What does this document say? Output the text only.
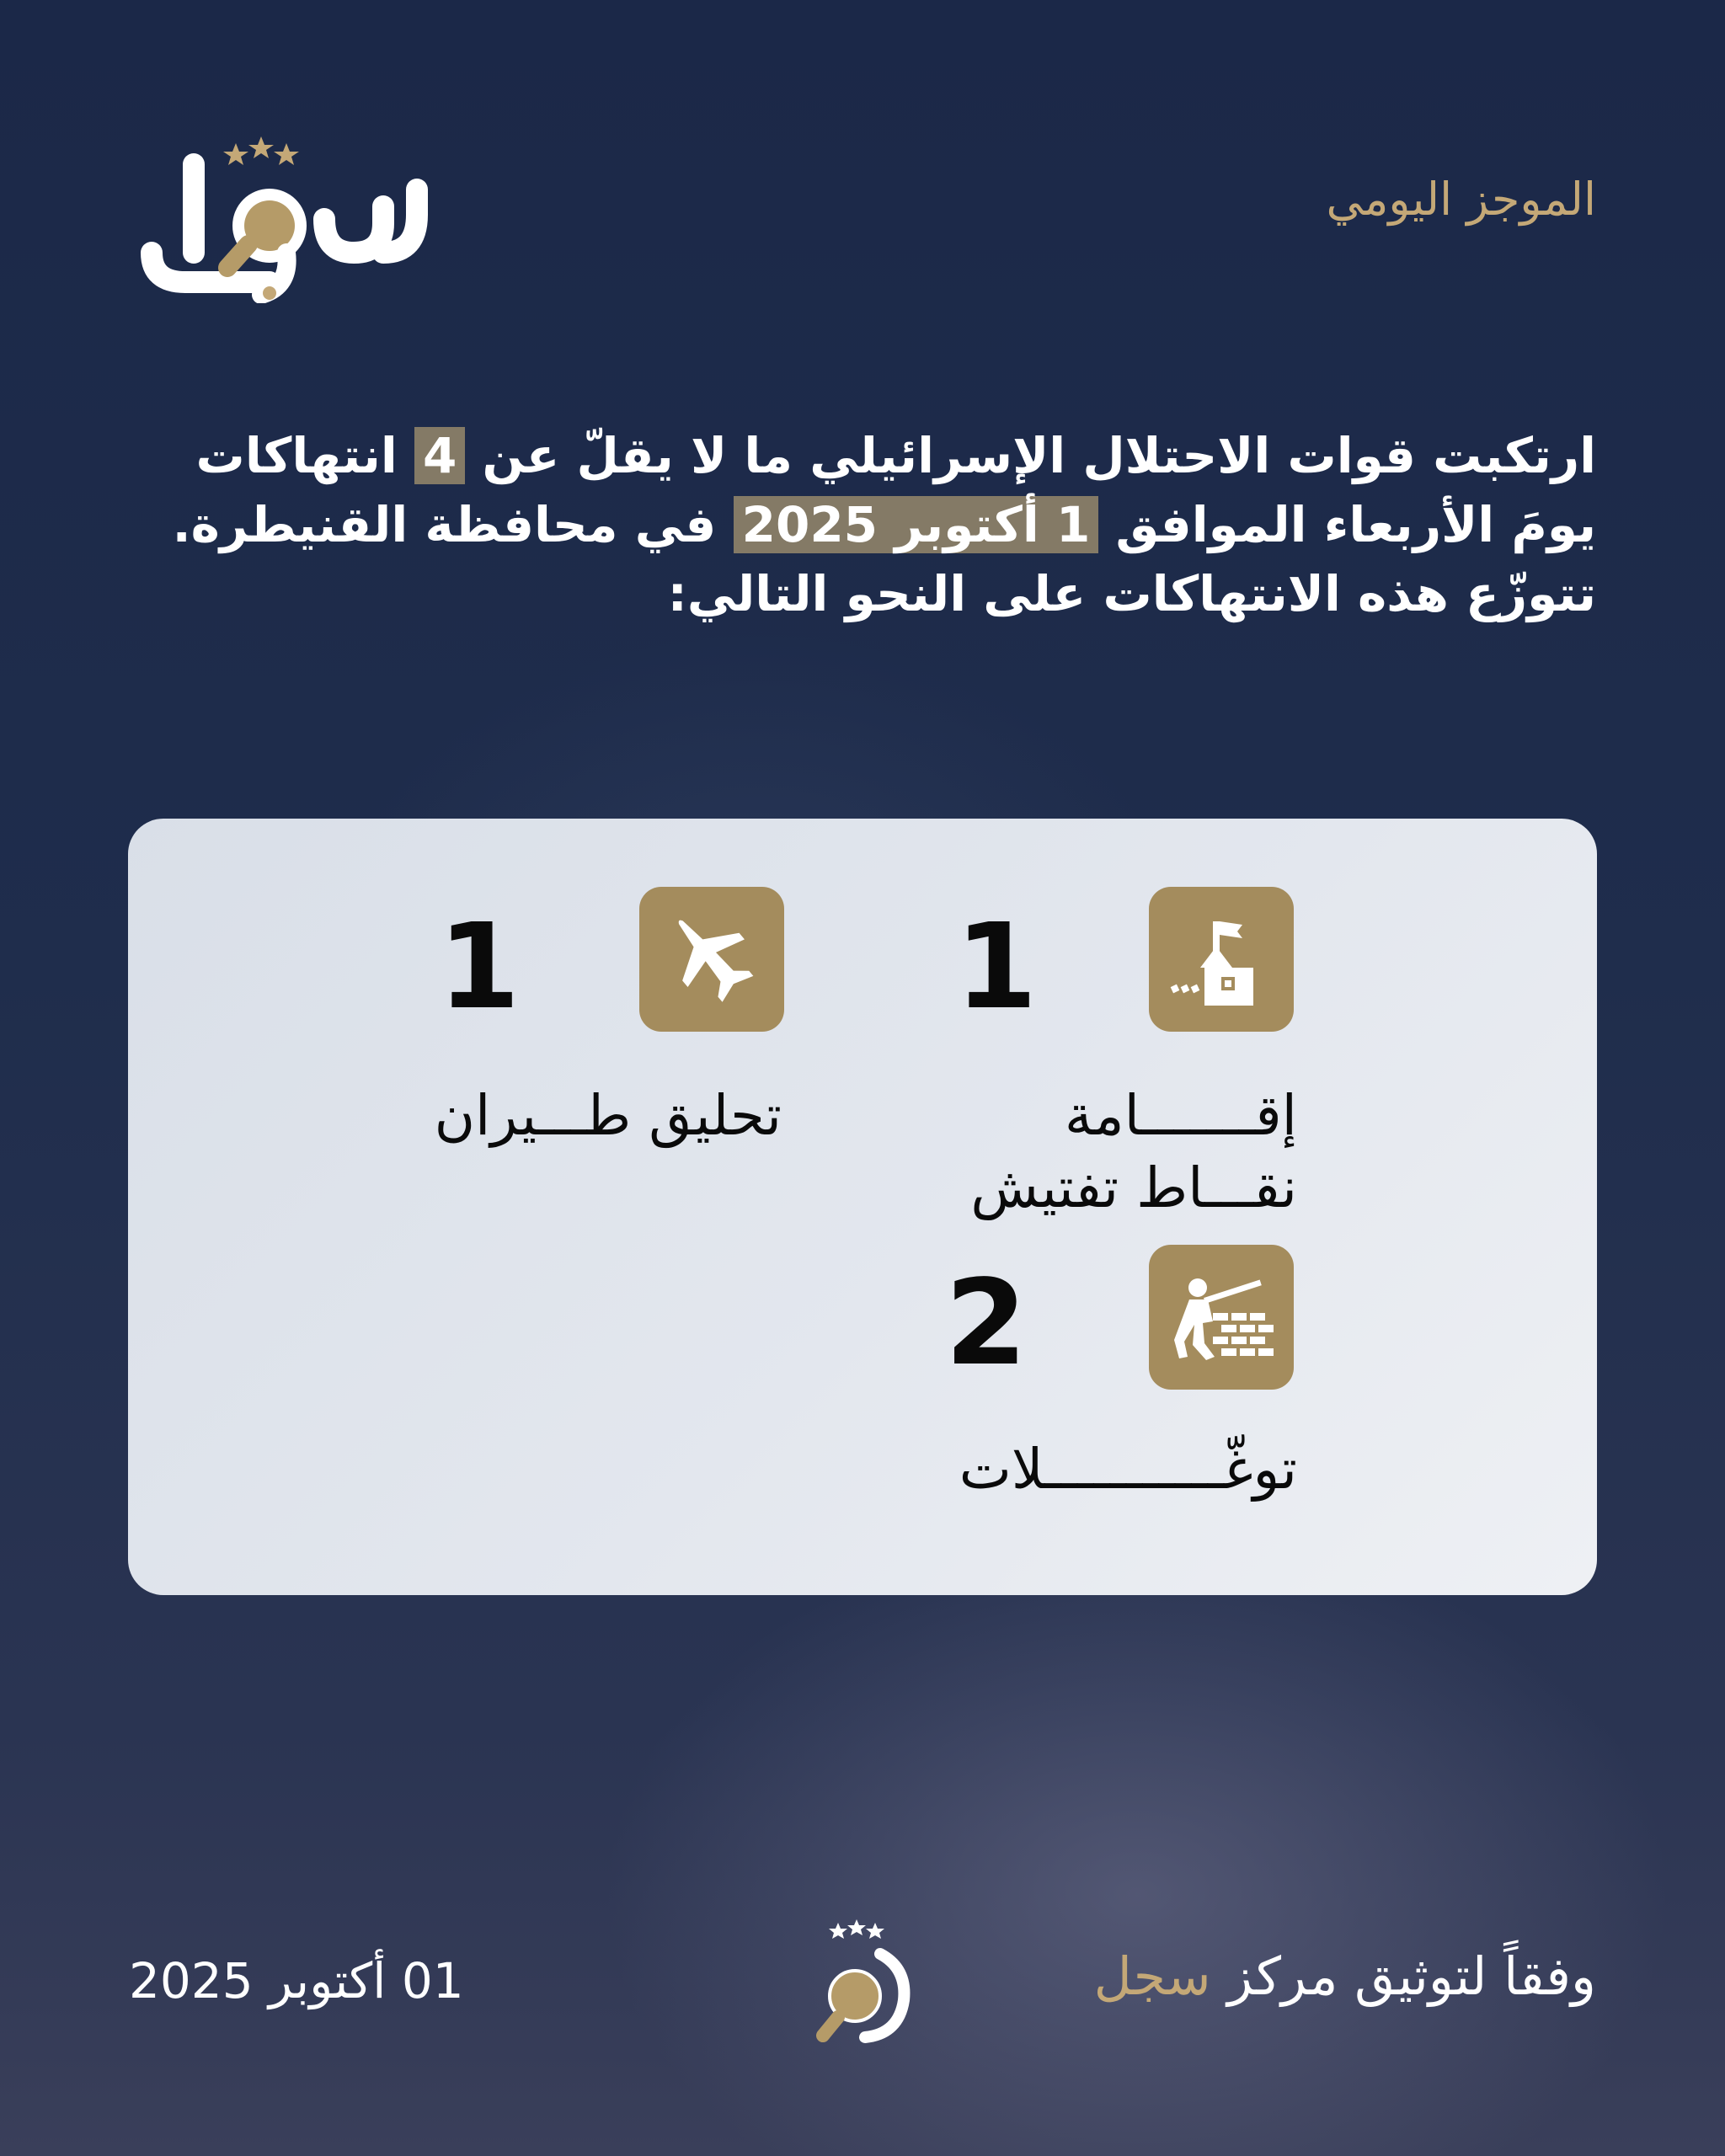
الموجز اليومي
ارتكبت قوات الاحتلال الإسرائيلي ما لا يقلّ عن 4 انتهاكات يومَ الأربعاء الموافق 1 أكتوبر 2025 في محافظة القنيطرة. تتوزّع هذه الانتهاكات على النحو التالي:
1
إقـــــــامة
نقـــاط تفتيش
1
تحليق طـــيران
2
توغّـــــــــــلات
01 أكتوبر 2025	وفقاً لتوثيق مركز سجل
